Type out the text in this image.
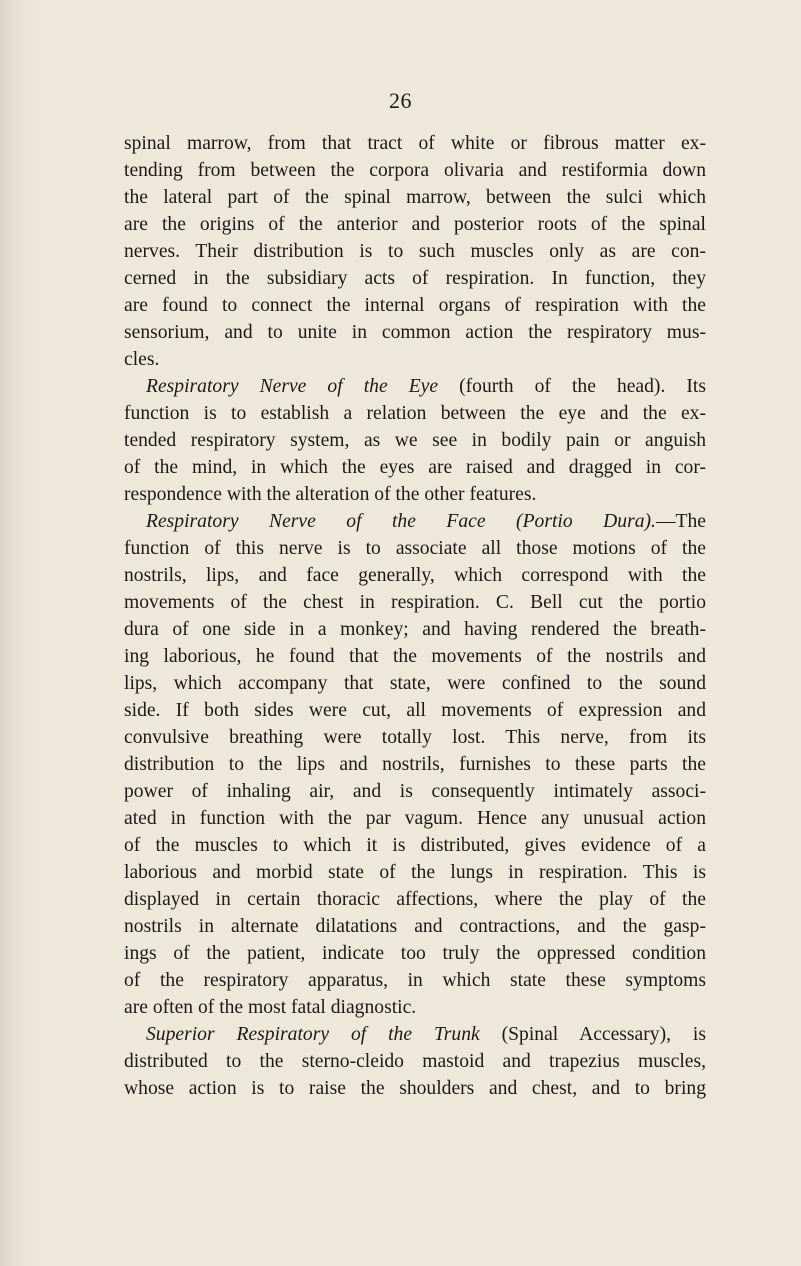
26
spinal marrow, from that tract of white or fibrous matter ex-
tending from between the corpora olivaria and restiformia down
the lateral part of the spinal marrow, between the sulci which
are the origins of the anterior and posterior roots of the spinal
nerves. Their distribution is to such muscles only as are con-
cerned in the subsidiary acts of respiration. In function, they
are found to connect the internal organs of respiration with the
sensorium, and to unite in common action the respiratory mus-
cles.
Respiratory Nerve of the Eye (fourth of the head). Its
function is to establish a relation between the eye and the ex-
tended respiratory system, as we see in bodily pain or anguish
of the mind, in which the eyes are raised and dragged in cor-
respondence with the alteration of the other features.
Respiratory Nerve of the Face (Portio Dura).—The
function of this nerve is to associate all those motions of the
nostrils, lips, and face generally, which correspond with the
movements of the chest in respiration. C. Bell cut the portio
dura of one side in a monkey; and having rendered the breath-
ing laborious, he found that the movements of the nostrils and
lips, which accompany that state, were confined to the sound
side. If both sides were cut, all movements of expression and
convulsive breathing were totally lost. This nerve, from its
distribution to the lips and nostrils, furnishes to these parts the
power of inhaling air, and is consequently intimately associ-
ated in function with the par vagum. Hence any unusual action
of the muscles to which it is distributed, gives evidence of a
laborious and morbid state of the lungs in respiration. This is
displayed in certain thoracic affections, where the play of the
nostrils in alternate dilatations and contractions, and the gasp-
ings of the patient, indicate too truly the oppressed condition
of the respiratory apparatus, in which state these symptoms
are often of the most fatal diagnostic.
Superior Respiratory of the Trunk (Spinal Accessary), is
distributed to the sterno-cleido mastoid and trapezius muscles,
whose action is to raise the shoulders and chest, and to bring
